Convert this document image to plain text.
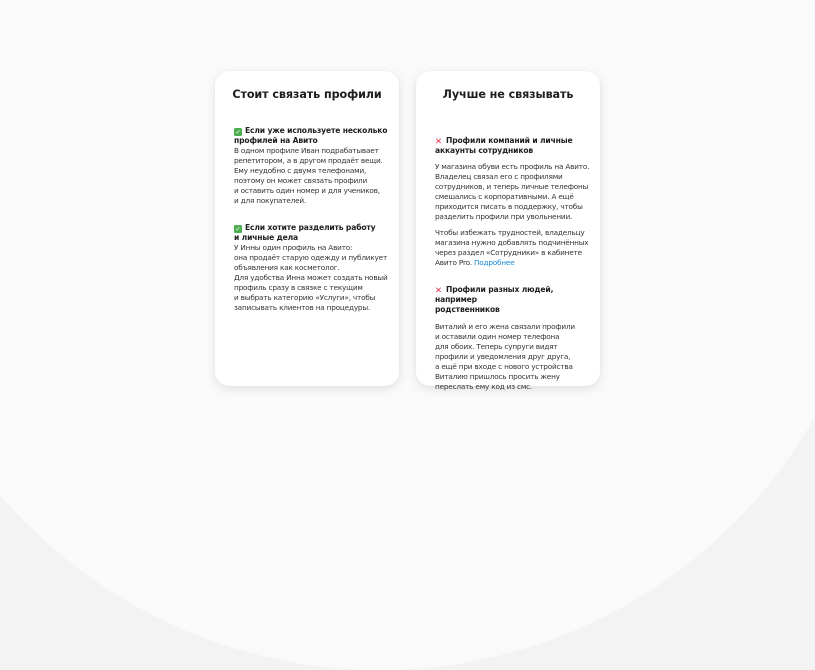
Стоит связать профили
✓ Если уже используете несколько профилей на Авито
В одном профиле Иван подрабатывает
репетитором, а в другом продаёт вещи.
Ему неудобно с двумя телефонами,
поэтому он может связать профили
и оставить один номер и для учеников,
и для покупателей.

✓ Если хотите разделить работу
и личные дела

У Инны один профиль на Авито:
она продаёт старую одежду и публикует
объявления как косметолог.
Для удобства Инна может создать новый
профиль сразу в связке с текущим
и выбрать категорию «Услуги», чтобы
записывать клиентов на процедуры.
Лучше не связывать

✕ Профили компаний и личные
аккаунты сотрудников

У магазина обуви есть профиль на Авито.
Владелец связал его с профилями
сотрудников, и теперь личные телефоны
смешались с корпоративными. А ещё
приходится писать в поддержку, чтобы
разделить профили при увольнении.
Чтобы избежать трудностей, владельцу
магазина нужно добавлять подчинённых
через раздел «Сотрудники» в кабинете
Авито Pro. Подробнее

✕ Профили разных людей, например
родственников

Виталий и его жена связали профили
и оставили один номер телефона
для обоих. Теперь супруги видят
профили и уведомления друг друга,
а ещё при входе с нового устройства
Виталию пришлось просить жену
переслать ему код из смс.
